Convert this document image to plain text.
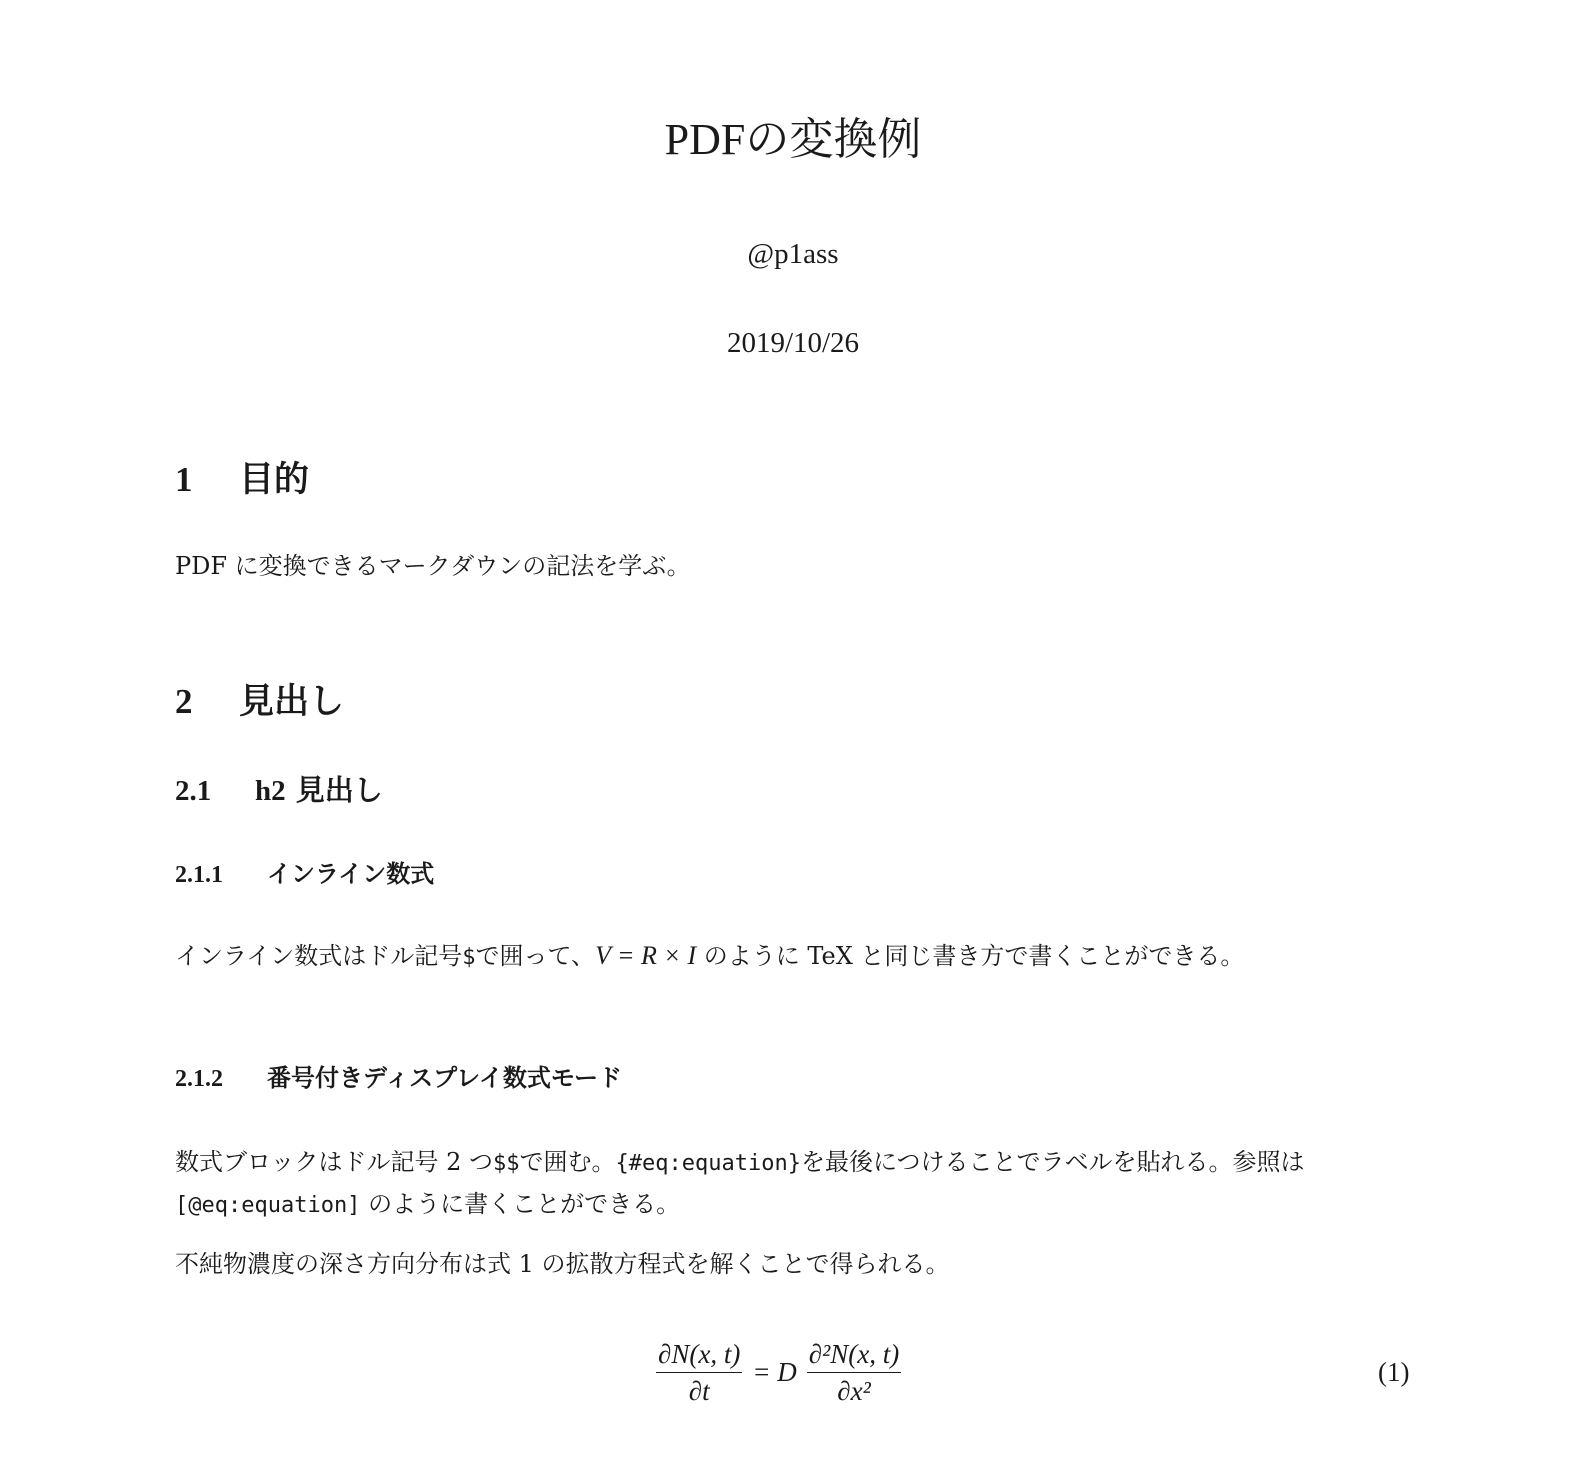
PDFの変換例
@p1ass
2019/10/26
1 目的
PDF に変換できるマークダウンの記法を学ぶ。
2 見出し
2.1 h2 見出し
2.1.1 インライン数式
インライン数式はドル記号$で囲って、V = R × I のように TeX と同じ書き方で書くことができる。
2.1.2 番号付きディスプレイ数式モード
数式ブロックはドル記号 2 つ$$で囲む。{#eq:equation}を最後につけることでラベルを貼れる。参照は[@eq:equation] のように書くことができる。
不純物濃度の深さ方向分布は式 1 の拡散方程式を解くことで得られる。
$\frac{\partial N(x, t)}{\partial t} = D \frac{\text{∂²N(x, t)}}{\text{∂x²}}$	(1)
